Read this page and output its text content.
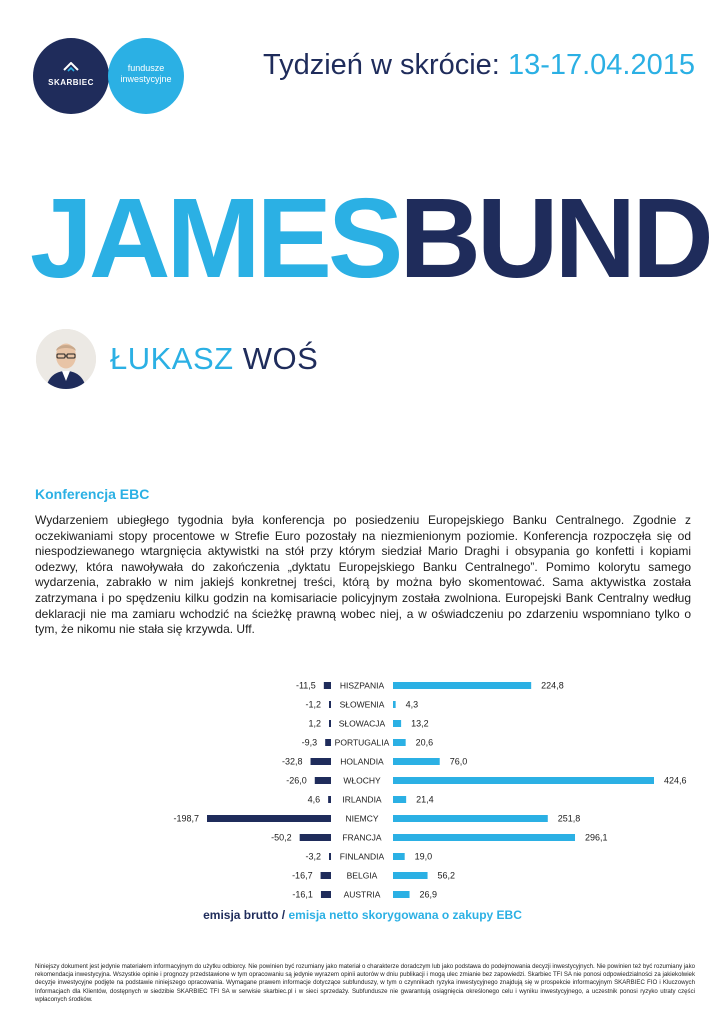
SKARBIEC
fundusze
inwestycyjne	Tydzień w skrócie: 13-17.04.2015
JAMESBUND
ŁUKASZ WOŚ
Konferencja EBC
Wydarzeniem ubiegłego tygodnia była konferencja po posiedzeniu Europejskiego Banku Centralnego. Zgodnie z oczekiwaniami stopy procentowe w Strefie Euro pozostały na niezmienionym poziomie. Konferencja rozpoczęła się od niespodziewanego wtargnięcia aktywistki na stół przy którym siedział Mario Draghi i obsypania go konfetti i kopiami odezwy, która nawoływała do zakończenia „dyktatu Europejskiego Banku Centralnego”. Pomimo kolorytu samego wydarzenia, zabrakło w nim jakiejś konkretnej treści, którą by można było skomentować. Sama aktywistka została zatrzymana i po spędzeniu kilku godzin na komisariacie policyjnym została zwolniona. Europejski Bank Centralny według deklaracji nie ma zamiaru wchodzić na ścieżkę prawną wobec niej, a w oświadczeniu po zdarzeniu wspomniano tylko o tym, że nikomu nie stała się krzywda. Uff.
HISZPANIA
-11,5	224,8
SŁOWENIA
-1,2	4,3
SŁOWACJA
1,2	13,2
PORTUGALIA
-9,3	20,6
HOLANDIA
-32,8	76,0
WŁOCHY
-26,0	424,6
IRLANDIA
4,6	21,4
NIEMCY
-198,7	251,8
FRANCJA
-50,2	296,1
FINLANDIA
-3,2	19,0
BELGIA
-16,7	56,2
AUSTRIA
-16,1	26,9
emisja brutto / emisja netto skorygowana o zakupy EBC
Niniejszy dokument jest jedynie materiałem informacyjnym do użytku odbiorcy. Nie powinien być rozumiany jako materiał o charakterze doradczym lub jako podstawa do podejmowania decyzji inwestycyjnych. Nie powinien też być rozumiany jako rekomendacja inwestycyjna. Wszystkie opinie i prognozy przedstawione w tym opracowaniu są jedynie wyrazem opinii autorów w dniu publikacji i mogą ulec zmianie bez zapowiedzi. Skarbiec TFI SA nie ponosi odpowiedzialności za jakiekolwiek decyzje inwestycyjne podjęte na podstawie niniejszego opracowania. Wymagane prawem informacje dotyczące subfunduszy, w tym o czynnikach ryzyka inwestycyjnego znajdują się w prospekcie informacyjnym SKARBIEC FIO i Kluczowych Informacjach dla Klientów, dostępnych w siedzibie SKARBIEC TFI SA w serwisie skarbiec.pl i w sieci sprzedaży. Subfundusze nie gwarantują osiągnięcia określonego celu i wyniku inwestycyjnego, a uczestnik ponosi ryzyko utraty części wpłaconych środków.
